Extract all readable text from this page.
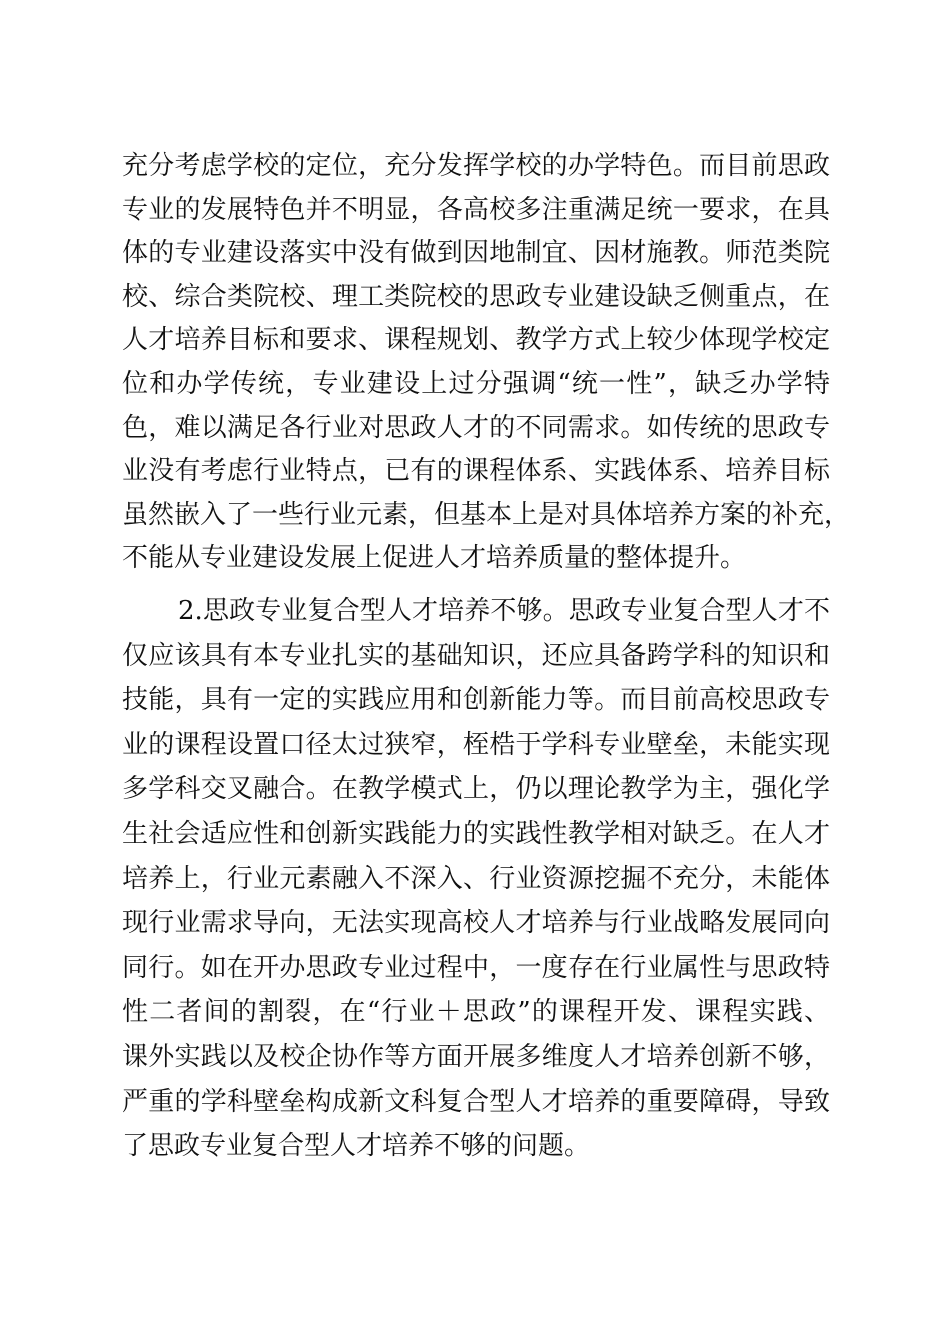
充分考虑学校的定位，充分发挥学校的办学特色。而目前思政
专业的发展特色并不明显，各高校多注重满足统一要求，在具
体的专业建设落实中没有做到因地制宜、因材施教。师范类院
校、综合类院校、理工类院校的思政专业建设缺乏侧重点，在
人才培养目标和要求、课程规划、教学方式上较少体现学校定
位和办学传统，专业建设上过分强调“统一性”，缺乏办学特
色，难以满足各行业对思政人才的不同需求。如传统的思政专
业没有考虑行业特点，已有的课程体系、实践体系、培养目标
虽然嵌入了一些行业元素，但基本上是对具体培养方案的补充，
不能从专业建设发展上促进人才培养质量的整体提升。
2.思政专业复合型人才培养不够。思政专业复合型人才不
仅应该具有本专业扎实的基础知识，还应具备跨学科的知识和
技能，具有一定的实践应用和创新能力等。而目前高校思政专
业的课程设置口径太过狭窄，桎梏于学科专业壁垒，未能实现
多学科交叉融合。在教学模式上，仍以理论教学为主，强化学
生社会适应性和创新实践能力的实践性教学相对缺乏。在人才
培养上，行业元素融入不深入、行业资源挖掘不充分，未能体
现行业需求导向，无法实现高校人才培养与行业战略发展同向
同行。如在开办思政专业过程中，一度存在行业属性与思政特
性二者间的割裂，在“行业＋思政”的课程开发、课程实践、
课外实践以及校企协作等方面开展多维度人才培养创新不够，
严重的学科壁垒构成新文科复合型人才培养的重要障碍，导致
了思政专业复合型人才培养不够的问题。
